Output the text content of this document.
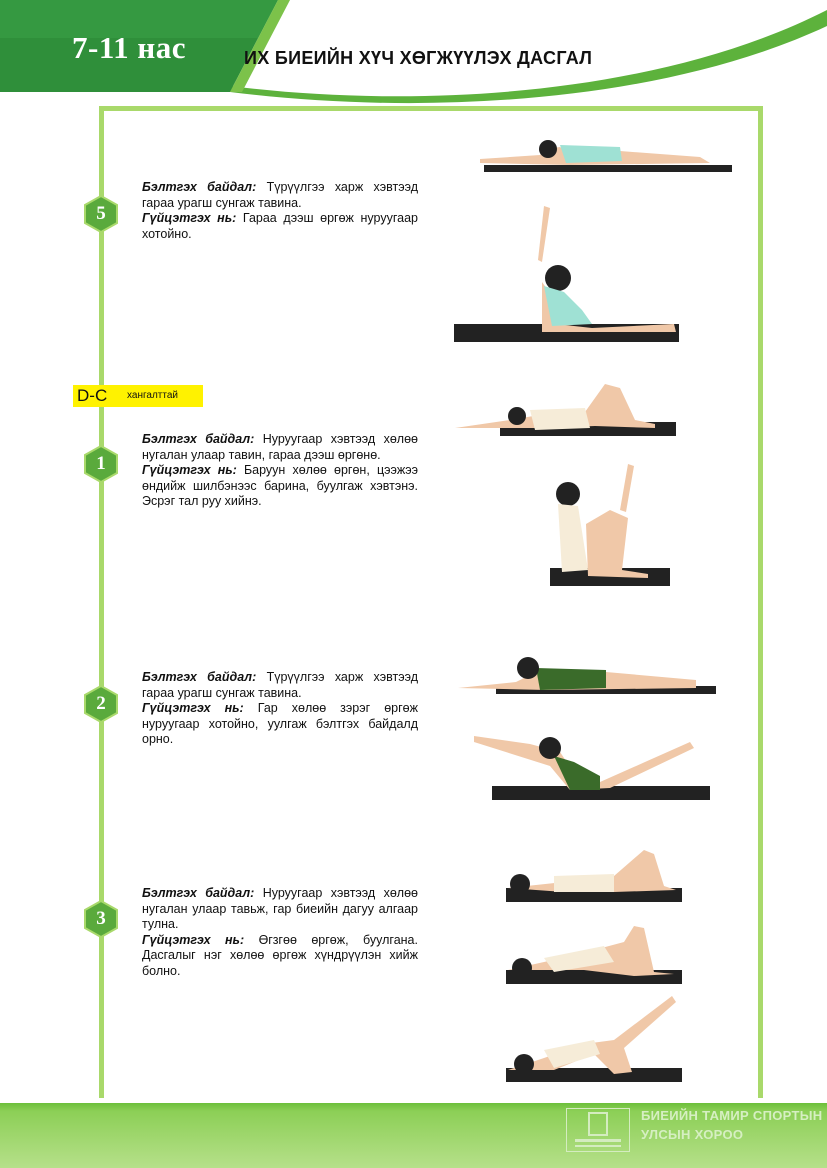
7-11 нас	ИХ БИЕИЙН ХҮЧ ХӨГЖҮҮЛЭХ ДАСГАЛ
5
Бэлтгэх байдал: Түрүүлгээ харж хэвтээд гараа урагш сунгаж тавина.
Гүйцэтгэх нь: Гараа дээш өргөж нуруугаар хотойно.
D-C хангалттай
1
Бэлтгэх байдал: Нуруугаар хэвтээд хөлөө нугалан улаар тавин, гараа дээш өргөнө.
Гүйцэтгэх нь: Баруун хөлөө өргөн, цээжээ өндийж шилбэнээс барина, буулгаж хэвтэнэ. Эсрэг тал руу хийнэ.
2
Бэлтгэх байдал: Түрүүлгээ харж хэвтээд гараа урагш сунгаж тавина.
Гүйцэтгэх нь: Гар хөлөө зэрэг өргөж нуруугаар хотойно, уулгаж бэлтгэх байдалд орно.
3
Бэлтгэх байдал: Нуруугаар хэвтээд хөлөө нугалан улаар тавьж, гар биеийн дагуу алгаар тулна.
Гүйцэтгэх нь: Өгзгөө өргөж, буулгана. Дасгалыг нэг хөлөө өргөж хүндрүүлэн хийж болно.
БИЕИЙН ТАМИР СПОРТЫН
УЛСЫН ХОРОО
